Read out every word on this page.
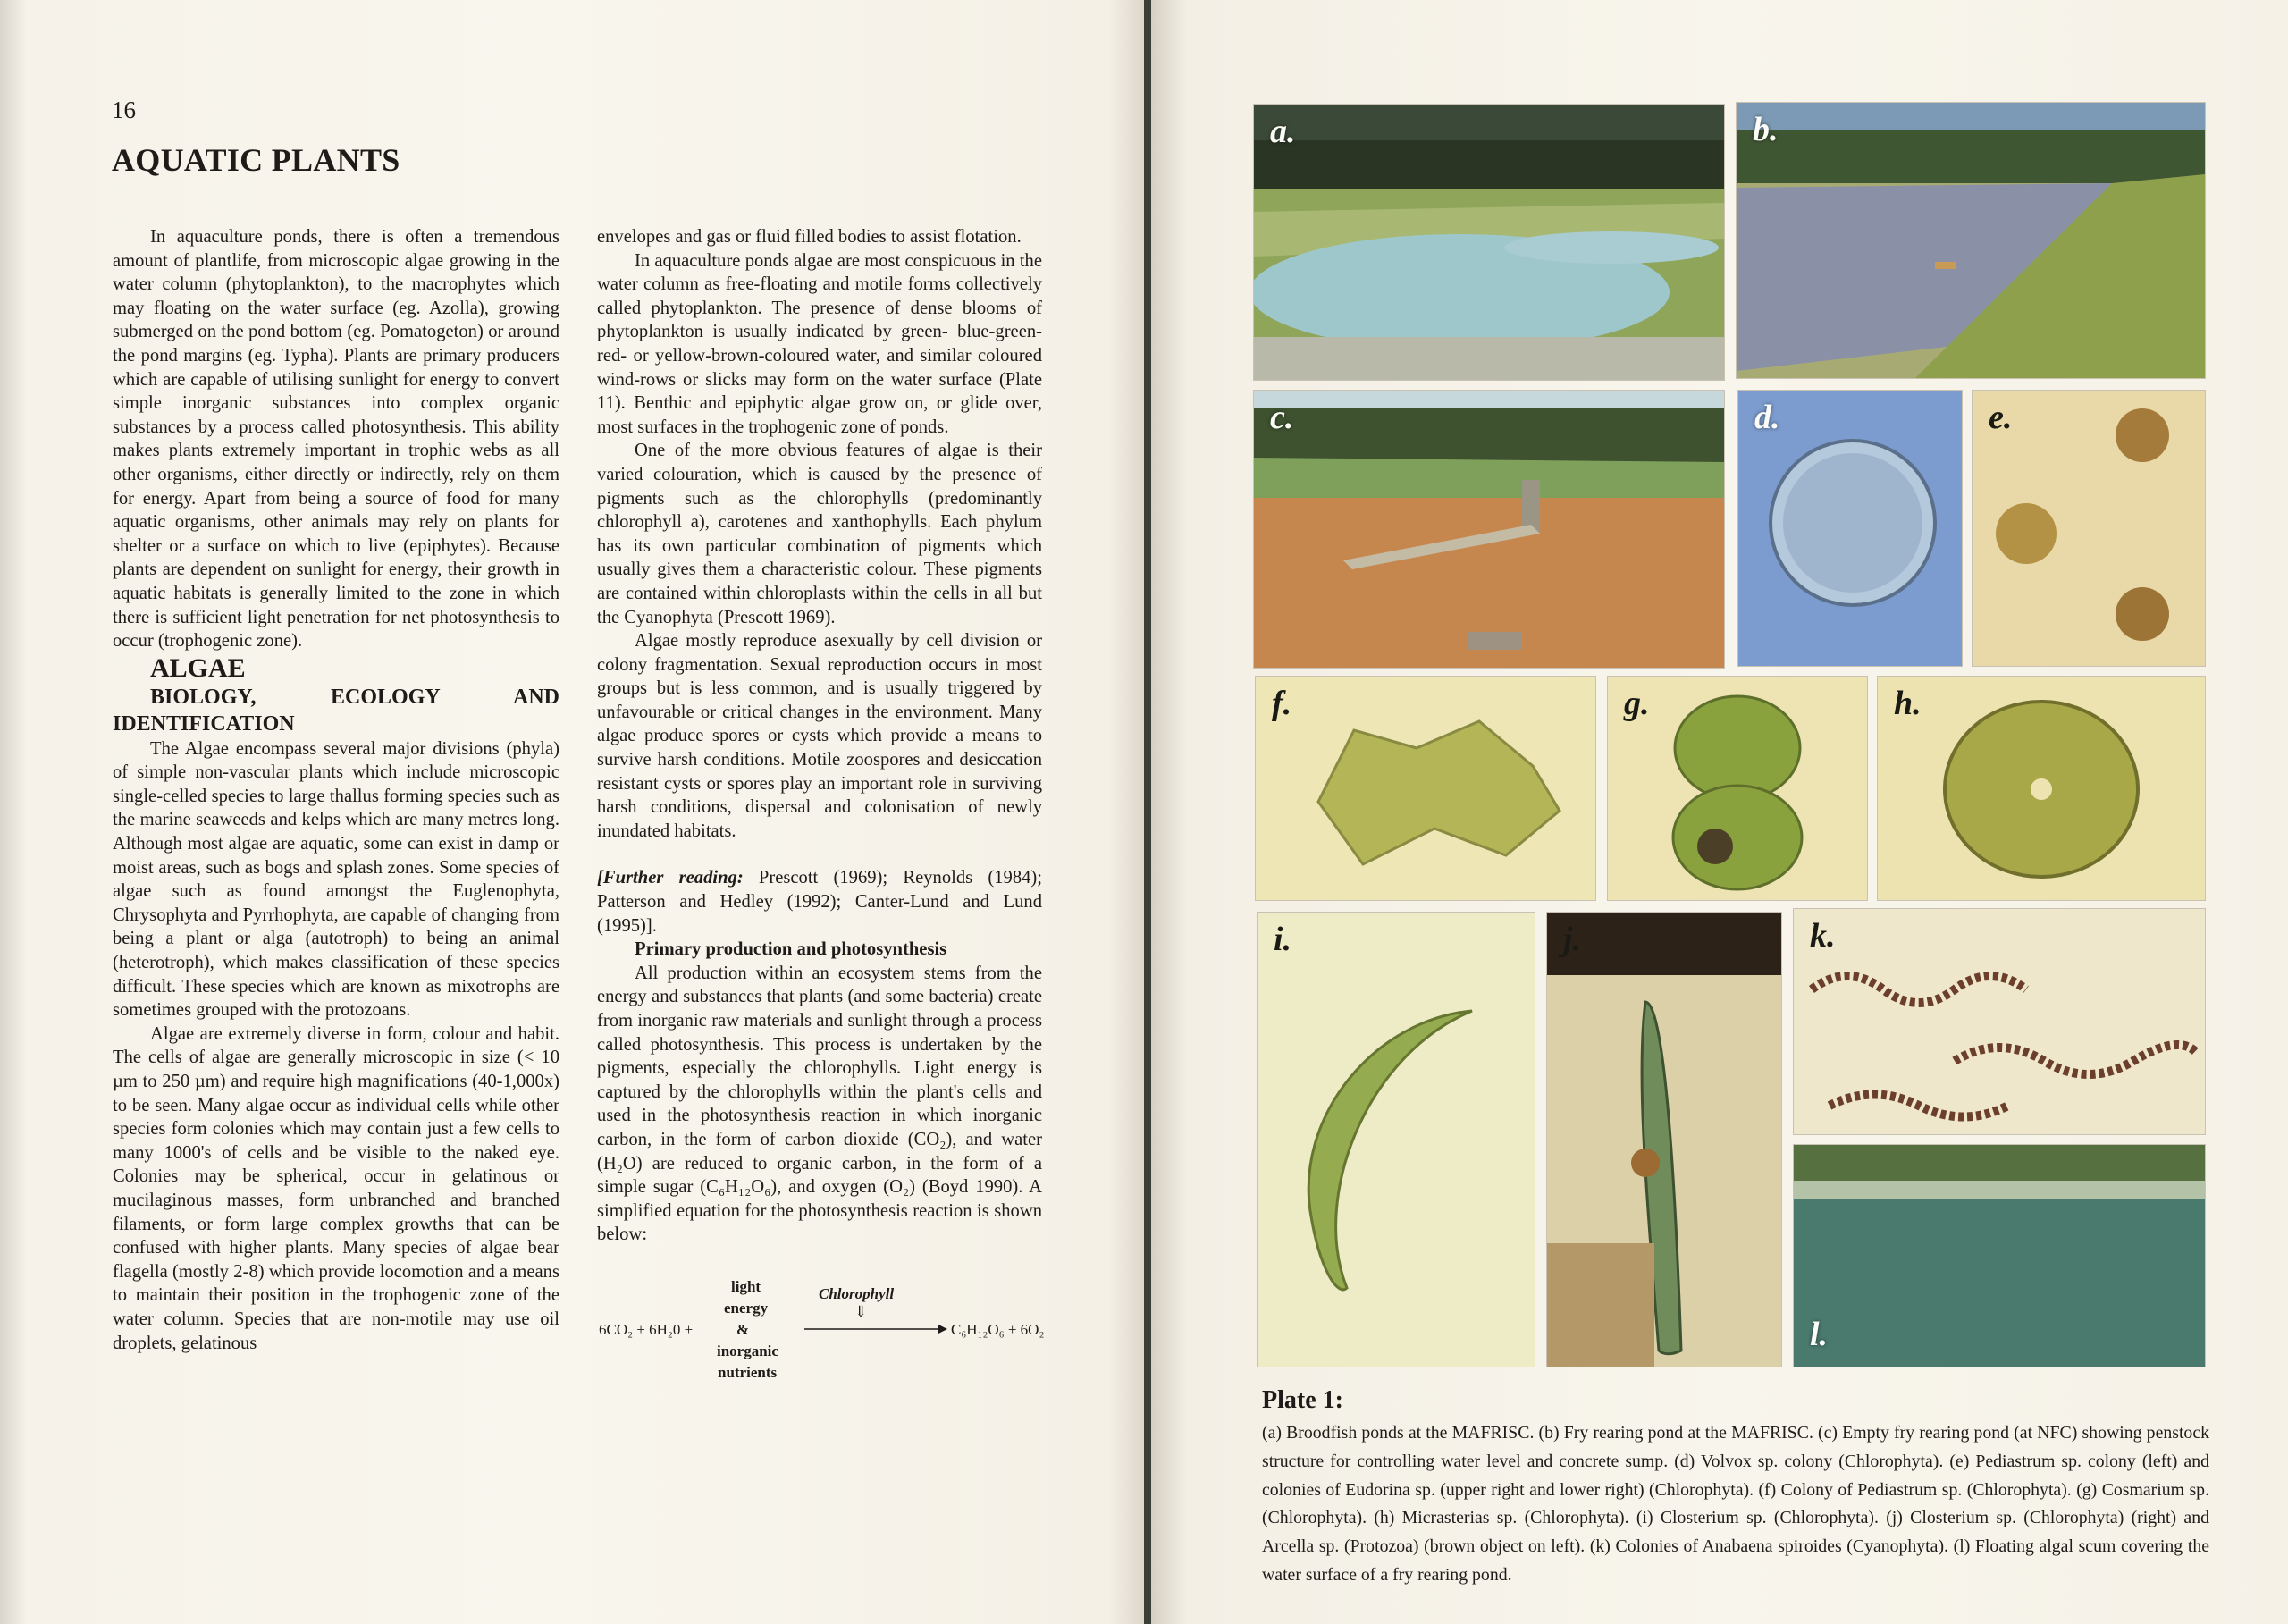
16
AQUATIC PLANTS

In aquaculture ponds, there is often a tremendous amount of plantlife, from microscopic algae growing in the water column (phytoplankton), to the macrophytes which may floating on the water surface (eg. Azolla), growing submerged on the pond bottom (eg. Pomatogeton) or around the pond margins (eg. Typha). Plants are primary producers which are capable of utilising sunlight for energy to convert simple inorganic substances into complex organic substances by a process called photosynthesis. This ability makes plants extremely important in trophic webs as all other organisms, either directly or indirectly, rely on them for energy. Apart from being a source of food for many aquatic organisms, other animals may rely on plants for shelter or a surface on which to live (epiphytes). Because plants are dependent on sunlight for energy, their growth in aquatic habitats is generally limited to the zone in which there is sufficient light penetration for net photosynthesis to occur (trophogenic zone).

ALGAE

BIOLOGY, ECOLOGY AND IDENTIFICATION

The Algae encompass several major divisions (phyla) of simple non-vascular plants which include microscopic single-celled species to large thallus forming species such as the marine seaweeds and kelps which are many metres long. Although most algae are aquatic, some can exist in damp or moist areas, such as bogs and splash zones. Some species of algae such as found amongst the Euglenophyta, Chrysophyta and Pyrrhophyta, are capable of changing from being a plant or alga (autotroph) to being an animal (heterotroph), which makes classification of these species difficult. These species which are known as mixotrophs are sometimes grouped with the protozoans.

Algae are extremely diverse in form, colour and habit. The cells of algae are generally microscopic in size (< 10 µm to 250 µm) and require high magnifications (40-1,000x) to be seen. Many algae occur as individual cells while other species form colonies which may contain just a few cells to many 1000's of cells and be visible to the naked eye. Colonies may be spherical, occur in gelatinous or mucilaginous masses, form unbranched and branched filaments, or form large complex growths that can be confused with higher plants. Many species of algae bear flagella (mostly 2-8) which provide locomotion and a means to maintain their position in the trophogenic zone of the water column. Species that are non-motile may use oil droplets, gelatinous

envelopes and gas or fluid filled bodies to assist flotation.

In aquaculture ponds algae are most conspicuous in the water column as free-floating and motile forms collectively called phytoplankton. The presence of dense blooms of phytoplankton is usually indicated by green- blue-green- red- or yellow-brown-coloured water, and similar coloured wind-rows or slicks may form on the water surface (Plate 11). Benthic and epiphytic algae grow on, or glide over, most surfaces in the trophogenic zone of ponds.

One of the more obvious features of algae is their varied colouration, which is caused by the presence of pigments such as the chlorophylls (predominantly chlorophyll a), carotenes and xanthophylls. Each phylum has its own particular combination of pigments which usually gives them a characteristic colour. These pigments are contained within chloroplasts within the cells in all but the Cyanophyta (Prescott 1969).

Algae mostly reproduce asexually by cell division or colony fragmentation. Sexual reproduction occurs in most groups but is less common, and is usually triggered by unfavourable or critical changes in the environment. Many algae produce spores or cysts which provide a means to survive harsh conditions. Motile zoospores and desiccation resistant cysts or spores play an important role in surviving harsh conditions, dispersal and colonisation of newly inundated habitats.

[Further reading: Prescott (1969); Reynolds (1984); Patterson and Hedley (1992); Canter-Lund and Lund (1995)].

Primary production and photosynthesis

All production within an ecosystem stems from the energy and substances that plants (and some bacteria) create from inorganic raw materials and sunlight through a process called photosynthesis. This process is undertaken by the pigments, especially the chlorophylls. Light energy is captured by the chlorophylls within the plant's cells and used in the photosynthesis reaction in which inorganic carbon, in the form of carbon dioxide (CO₂), and water (H₂O) are reduced to organic carbon, in the form of a simple sugar (C₆H₁₂O₆), and oxygen (O₂) (Boyd 1990). A simplified equation for the photosynthesis reaction is shown below:

6CO₂ + 6H₂0 +
light
energy
&
inorganic
nutrients
Chlorophyll
⇓
C₆H₁₂O₆ + 6O₂
a.	b.
c.	d.	e.
f.	g.	h.
i.	j.	k.
l.
Plate 1:
(a) Broodfish ponds at the MAFRISC. (b) Fry rearing pond at the MAFRISC. (c) Empty fry rearing pond (at NFC) showing penstock structure for controlling water level and concrete sump. (d) Volvox sp. colony (Chlorophyta). (e) Pediastrum sp. colony (left) and colonies of Eudorina sp. (upper right and lower right) (Chlorophyta). (f) Colony of Pediastrum sp. (Chlorophyta). (g) Cosmarium sp. (Chlorophyta). (h) Micrasterias sp. (Chlorophyta). (i) Closterium sp. (Chlorophyta). (j) Closterium sp. (Chlorophyta) (right) and Arcella sp. (Protozoa) (brown object on left). (k) Colonies of Anabaena spiroides (Cyanophyta). (l) Floating algal scum covering the water surface of a fry rearing pond.
